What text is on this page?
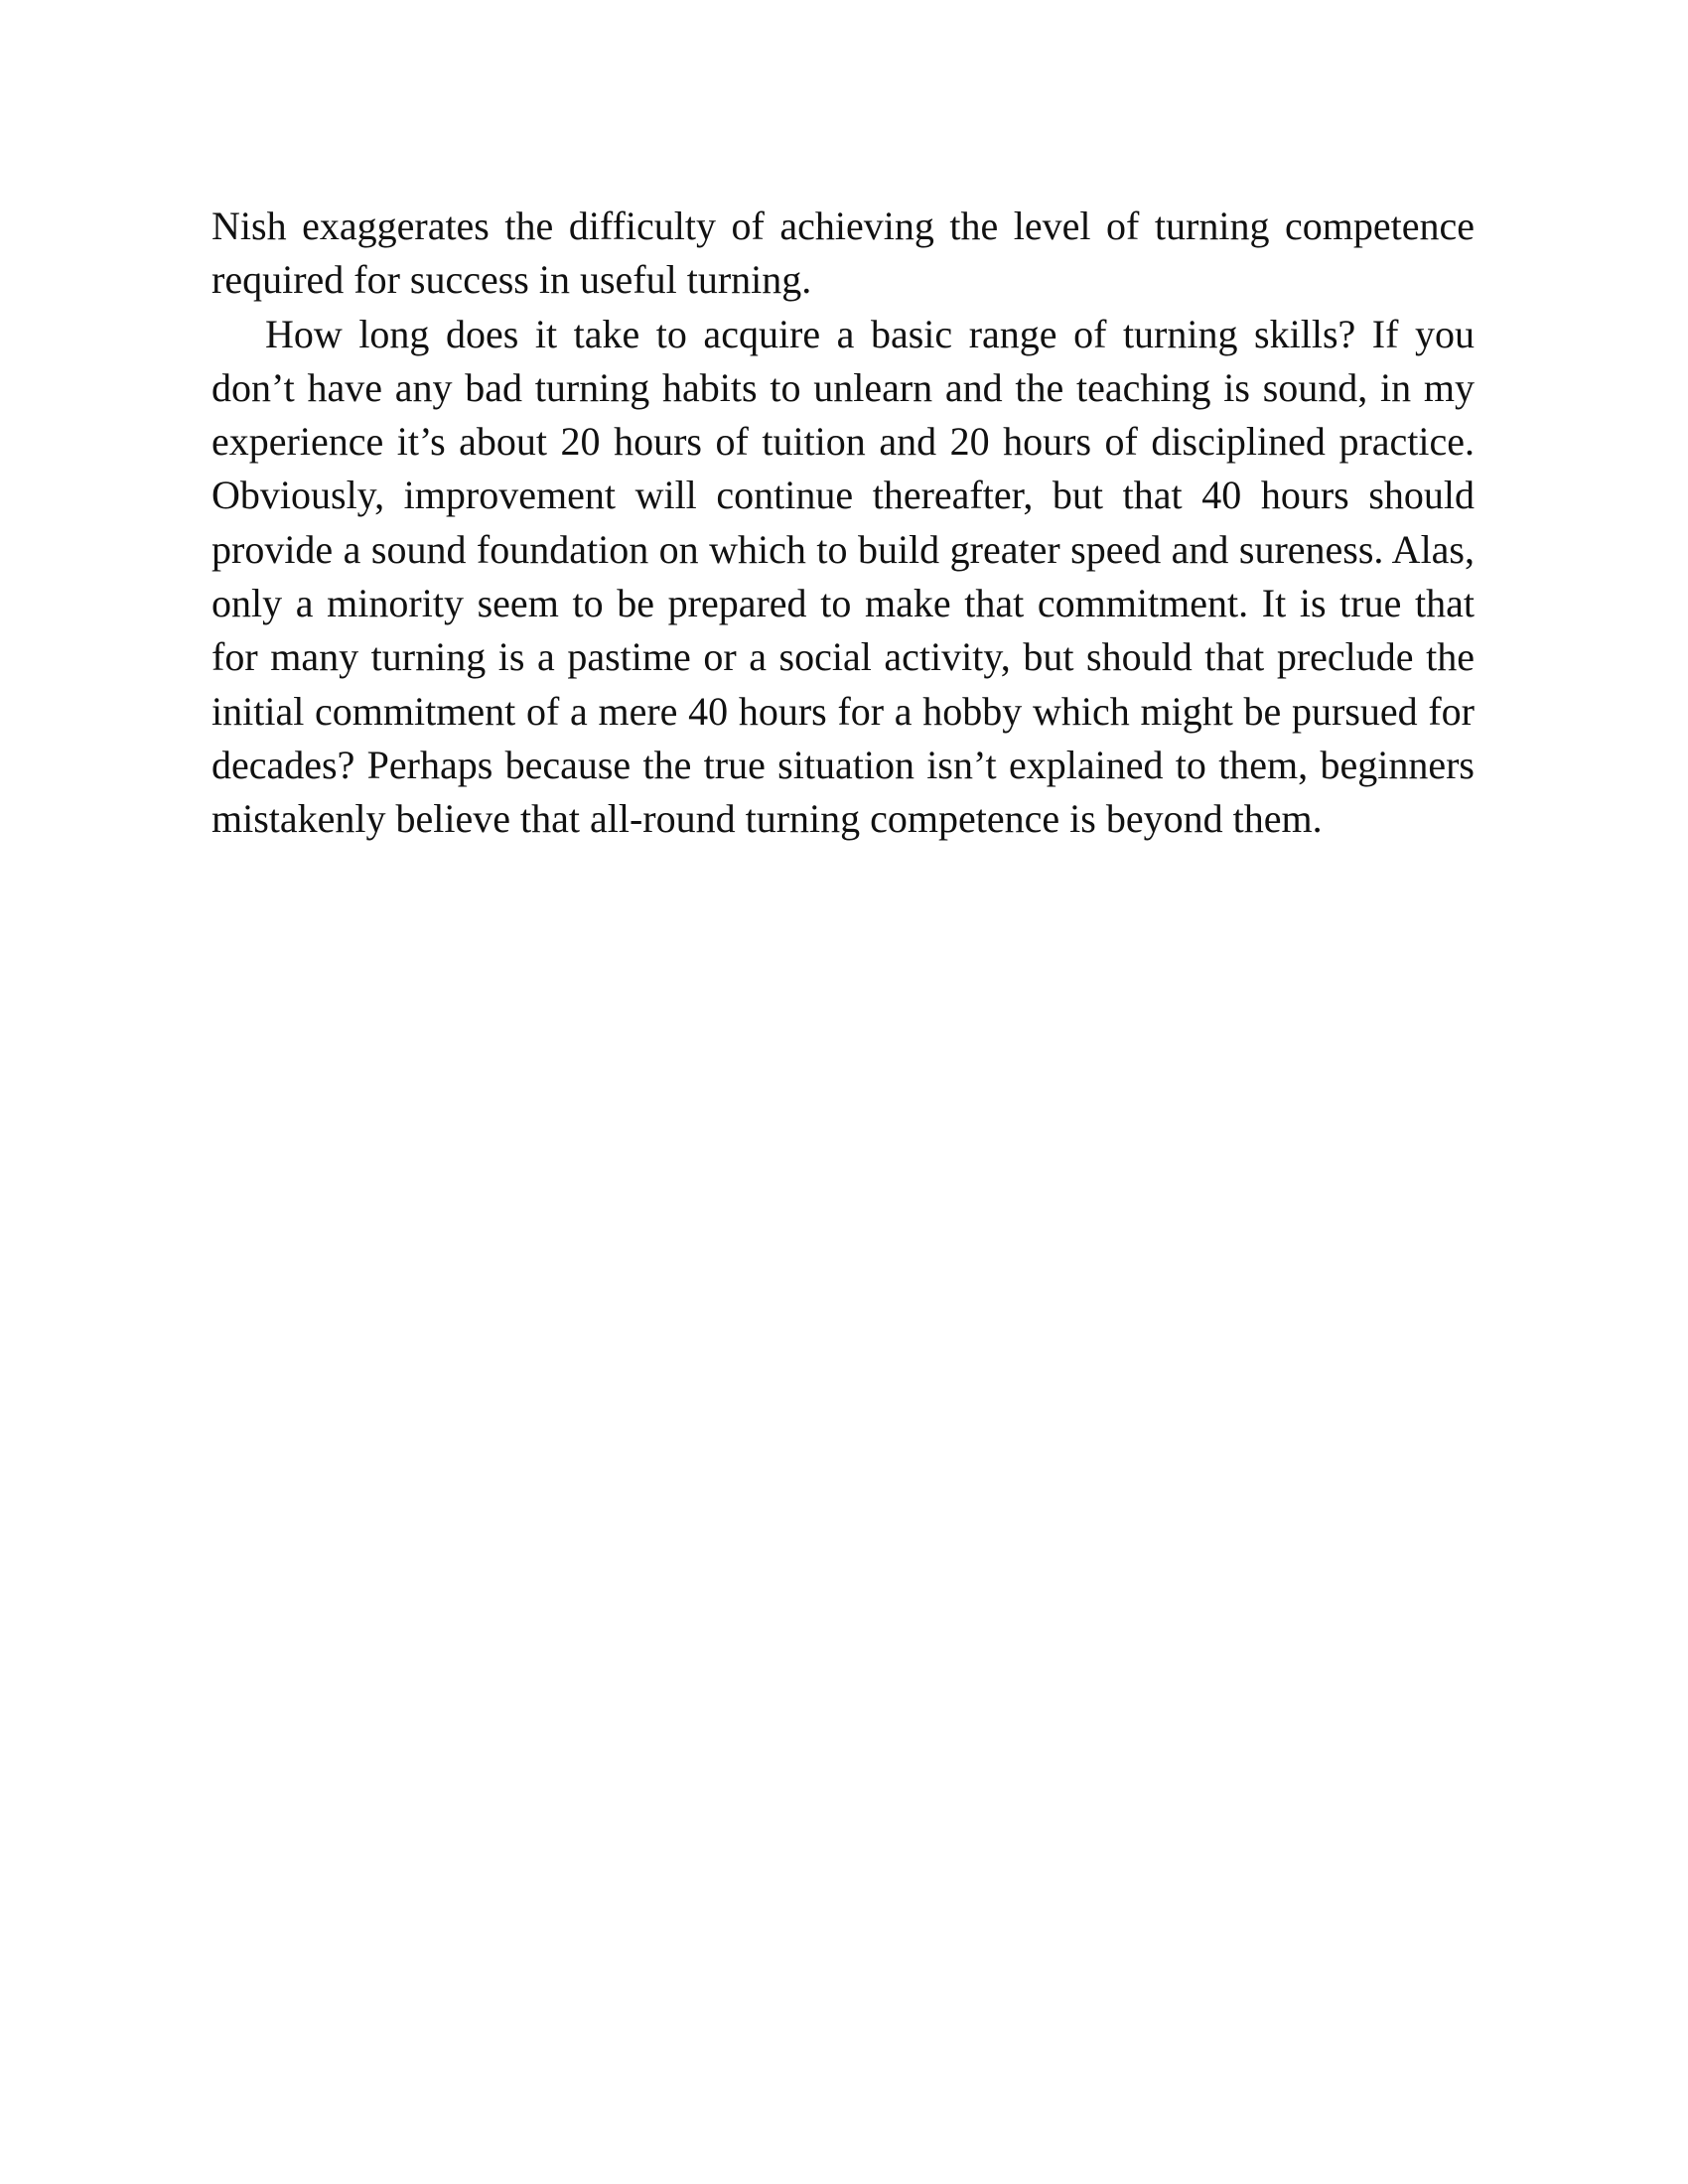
Nish exaggerates the difficulty of achieving the level of turning competence required for success in useful turning.

How long does it take to acquire a basic range of turning skills? If you don’t have any bad turning habits to unlearn and the teaching is sound, in my experience it’s about 20 hours of tuition and 20 hours of disciplined practice. Obviously, improvement will continue thereafter, but that 40 hours should provide a sound foundation on which to build greater speed and sureness. Alas, only a minority seem to be prepared to make that commitment. It is true that for many turning is a pastime or a social activity, but should that preclude the initial commitment of a mere 40 hours for a hobby which might be pursued for decades? Perhaps because the true situation isn’t explained to them, beginners mistakenly believe that all-round turning competence is beyond them.
